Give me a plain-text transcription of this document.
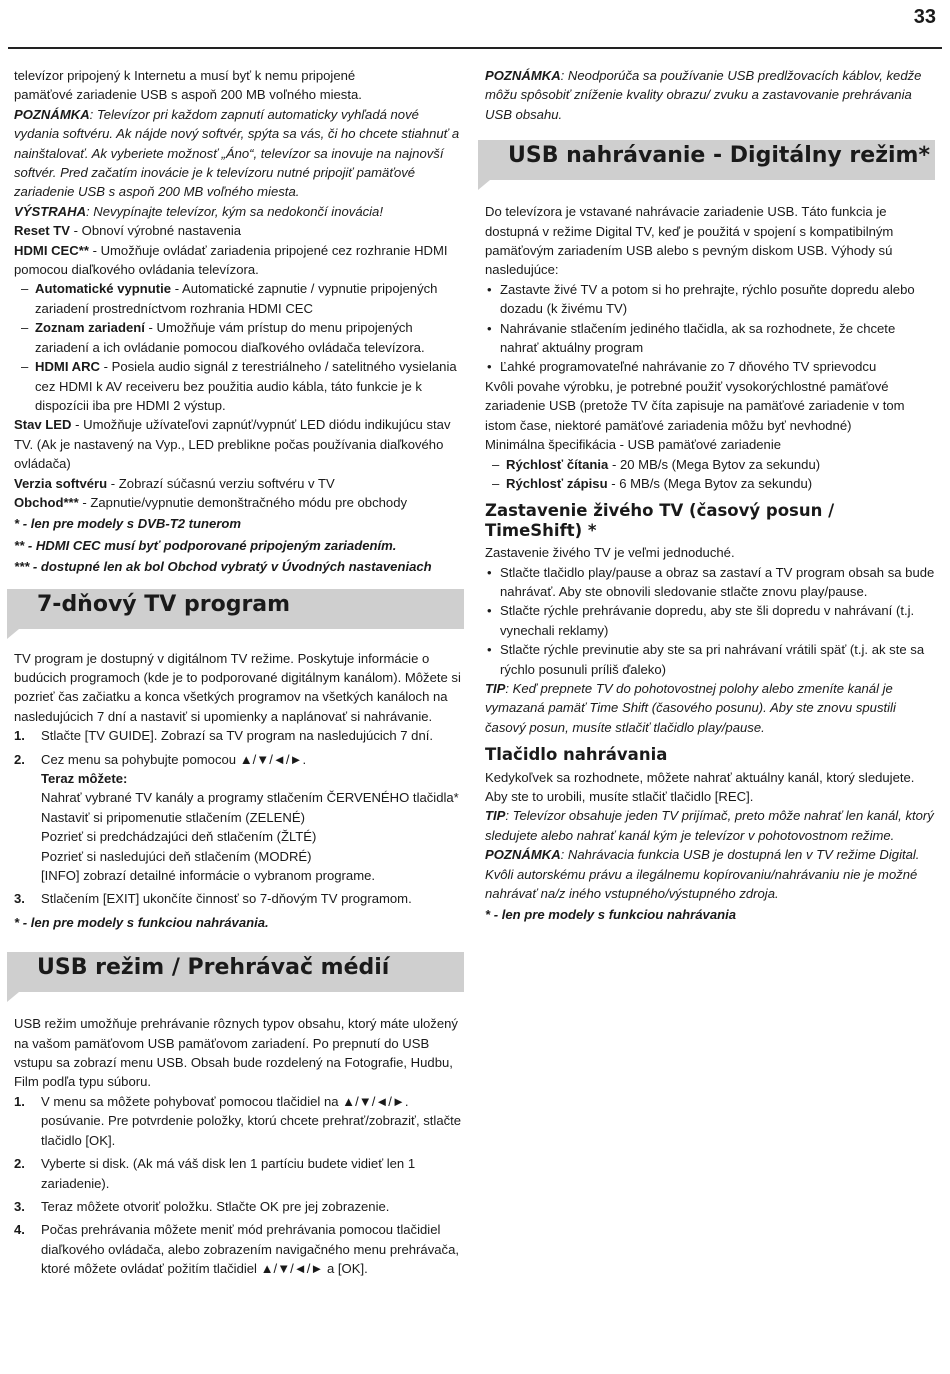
33

televízor pripojený k Internetu a musí byť k nemu pripojené

pamäťové zariadenie USB s aspoň 200 MB voľného miesta.

POZNÁMKA: Televízor pri každom zapnutí automaticky vyhľadá nové vydania softvéru. Ak nájde nový softvér, spýta sa vás, či ho chcete stiahnuť a nainštalovať. Ak vyberiete možnosť „Áno“, televízor sa inovuje na najnovší softvér. Pred začatím inovácie je k televízoru nutné pripojiť pamäťové zariadenie USB s aspoň 200 MB voľného miesta.

VÝSTRAHA: Nevypínajte televízor, kým sa nedokončí inovácia!

Reset TV - Obnoví výrobné nastavenia

HDMI CEC** - Umožňuje ovládať zariadenia pripojené cez rozhranie HDMI pomocou diaľkového ovládania televízora.

– Automatické vypnutie - Automatické zapnutie / vypnutie pripojených zariadení prostredníctvom rozhrania HDMI CEC

– Zoznam zariadení - Umožňuje vám prístup do menu pripojených zariadení a ich ovládanie pomocou diaľkového ovládača televízora.

– HDMI ARC - Posiela audio signál z terestriálneho / satelitného vysielania cez HDMI k AV receiveru bez použitia audio kábla, táto funkcie je k dispozícii iba pre HDMI 2 výstup.

Stav LED - Umožňuje užívateľovi zapnúť/vypnúť LED diódu indikujúcu stav TV. (Ak je nastavený na Vyp., LED preblikne počas používania diaľkového ovládača)

Verzia softvéru - Zobrazí súčasnú verziu softvéru v TV

Obchod*** - Zapnutie/vypnutie demonštračného módu pre obchody

* - len pre modely s DVB-T2 tunerom

** - HDMI CEC musí byť podporované pripojeným zariadením.

*** - dostupné len ak bol Obchod vybratý v Úvodných nastaveniach

7-dňový TV program

TV program je dostupný v digitálnom TV režime. Poskytuje informácie o budúcich programoch (kde je to podporované digitálnym kanálom). Môžete si pozrieť čas začiatku a konca všetkých programov na všetkých kanáloch na nasledujúcich 7 dní a nastaviť si upomienky a naplánovať si nahrávanie.

1.	Stlačte [TV GUIDE]. Zobrazí sa TV program na nasledujúcich 7 dní.
2.	Cez menu sa pohybujte pomocou ▲/▼/◄/►.
Teraz môžete:
Nahrať vybrané TV kanály a programy stlačením ČERVENÉHO tlačidla*
Nastaviť si pripomenutie stlačením (ZELENÉ)
Pozrieť si predchádzajúci deň stlačením (ŽLTÉ)
Pozrieť si nasledujúci deň stlačením (MODRÉ)
[INFO] zobrazí detailné informácie o vybranom programe.
3.	Stlačením [EXIT] ukončíte činnosť so 7-dňovým TV programom.

* - len pre modely s funkciou nahrávania.

USB režim / Prehrávač médií

USB režim umožňuje prehrávanie rôznych typov obsahu, ktorý máte uložený na vašom pamäťovom USB pamäťovom zariadení. Po prepnutí do USB vstupu sa zobrazí menu USB. Obsah bude rozdelený na Fotografie, Hudbu, Film podľa typu súboru.

1.	V menu sa môžete pohybovať pomocou tlačidiel na ▲/▼/◄/►. posúvanie. Pre potvrdenie položky, ktorú chcete prehrať/zobraziť, stlačte tlačidlo [OK].
2.	Vyberte si disk. (Ak má váš disk len 1 partíciu budete vidieť len 1 zariadenie).
3.	Teraz môžete otvoriť položku. Stlačte OK pre jej zobrazenie.
4.	Počas prehrávania môžete meniť mód prehrávania pomocou tlačidiel diaľkového ovládača, alebo zobrazením navigačného menu prehrávača, ktoré môžete ovládať požitím tlačidiel ▲/▼/◄/► a [OK].

POZNÁMKA: Neodporúča sa používanie USB predlžovacích káblov, kedže môžu spôsobiť zníženie kvality obrazu/ zvuku a zastavovanie prehrávania USB obsahu.

USB nahrávanie - Digitálny režim*

Do televízora je vstavané nahrávacie zariadenie USB. Táto funkcia je dostupná v režime Digital TV, keď je použitá v spojení s kompatibilným pamäťovým zariadením USB alebo s pevným diskom USB. Výhody sú nasledujúce:

• Zastavte živé TV a potom si ho prehrajte, rýchlo posuňte dopredu alebo dozadu (k živému TV)

• Nahrávanie stlačením jediného tlačidla, ak sa rozhodnete, že chcete nahrať aktuálny program

• Ľahké programovateľné nahrávanie zo 7 dňového TV sprievodcu

Kvôli povahe výrobku, je potrebné použiť vysokorýchlostné pamäťové zariadenie USB (pretože TV číta zapisuje na pamäťové zariadenie v tom istom čase, niektoré pamäťové zariadenia môžu byť nevhodné)

Minimálna špecifikácia - USB pamäťové zariadenie

– Rýchlosť čítania - 20 MB/s (Mega Bytov za sekundu)

– Rýchlosť zápisu - 6 MB/s (Mega Bytov za sekundu)

Zastavenie živého TV (časový posun / TimeShift) *

Zastavenie živého TV je veľmi jednoduché.

• Stlačte tlačidlo play/pause a obraz sa zastaví a TV program obsah sa bude nahrávať. Aby ste obnovili sledovanie stlačte znovu play/pause.

• Stlačte rýchle prehrávanie dopredu, aby ste šli dopredu v nahrávaní (t.j. vynechali reklamy)

• Stlačte rýchle previnutie aby ste sa pri nahrávaní vrátili späť (t.j. ak ste sa rýchlo posunuli príliš ďaleko)

TIP: Keď prepnete TV do pohotovostnej polohy alebo zmeníte kanál je vymazaná pamäť Time Shift (časového posunu). Aby ste znovu spustili časový posun, musíte stlačiť tlačidlo play/pause.

Tlačidlo nahrávania

Kedykoľvek sa rozhodnete, môžete nahrať aktuálny kanál, ktorý sledujete. Aby ste to urobili, musíte stlačiť tlačidlo [REC].

TIP: Televízor obsahuje jeden TV prijímač, preto môže nahrať len kanál, ktorý sledujete alebo nahrať kanál kým je televízor v pohotovostnom režime.

POZNÁMKA: Nahrávacia funkcia USB je dostupná len v TV režime Digital. Kvôli autorskému právu a ilegálnemu kopírovaniu/nahrávaniu nie je možné nahrávať na/z iného vstupného/výstupného zdroja.

* - len pre modely s funkciou nahrávania
